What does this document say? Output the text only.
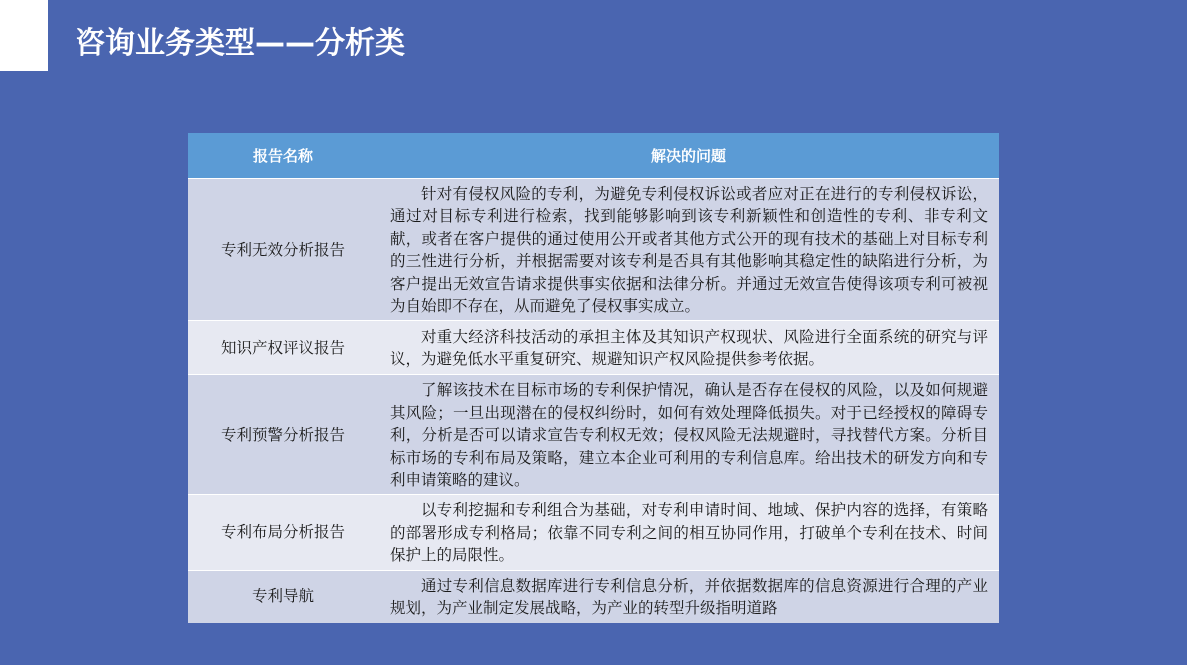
咨询业务类型——分析类
报告名称	解决的问题
专利无效分析报告	针对有侵权风险的专利，为避免专利侵权诉讼或者应对正在进行的专利侵权诉讼，通过对目标专利进行检索，找到能够影响到该专利新颖性和创造性的专利、非专利文献，或者在客户提供的通过使用公开或者其他方式公开的现有技术的基础上对目标专利的三性进行分析，并根据需要对该专利是否具有其他影响其稳定性的缺陷进行分析，为客户提出无效宣告请求提供事实依据和法律分析。并通过无效宣告使得该项专利可被视为自始即不存在，从而避免了侵权事实成立。
知识产权评议报告	对重大经济科技活动的承担主体及其知识产权现状、风险进行全面系统的研究与评议，为避免低水平重复研究、规避知识产权风险提供参考依据。
专利预警分析报告	了解该技术在目标市场的专利保护情况，确认是否存在侵权的风险，以及如何规避其风险；一旦出现潜在的侵权纠纷时，如何有效处理降低损失。对于已经授权的障碍专利，分析是否可以请求宣告专利权无效；侵权风险无法规避时，寻找替代方案。分析目标市场的专利布局及策略，建立本企业可利用的专利信息库。给出技术的研发方向和专利申请策略的建议。
专利布局分析报告	以专利挖掘和专利组合为基础，对专利申请时间、地域、保护内容的选择，有策略的部署形成专利格局；依靠不同专利之间的相互协同作用，打破单个专利在技术、时间保护上的局限性。
专利导航	通过专利信息数据库进行专利信息分析，并依据数据库的信息资源进行合理的产业规划，为产业制定发展战略，为产业的转型升级指明道路
